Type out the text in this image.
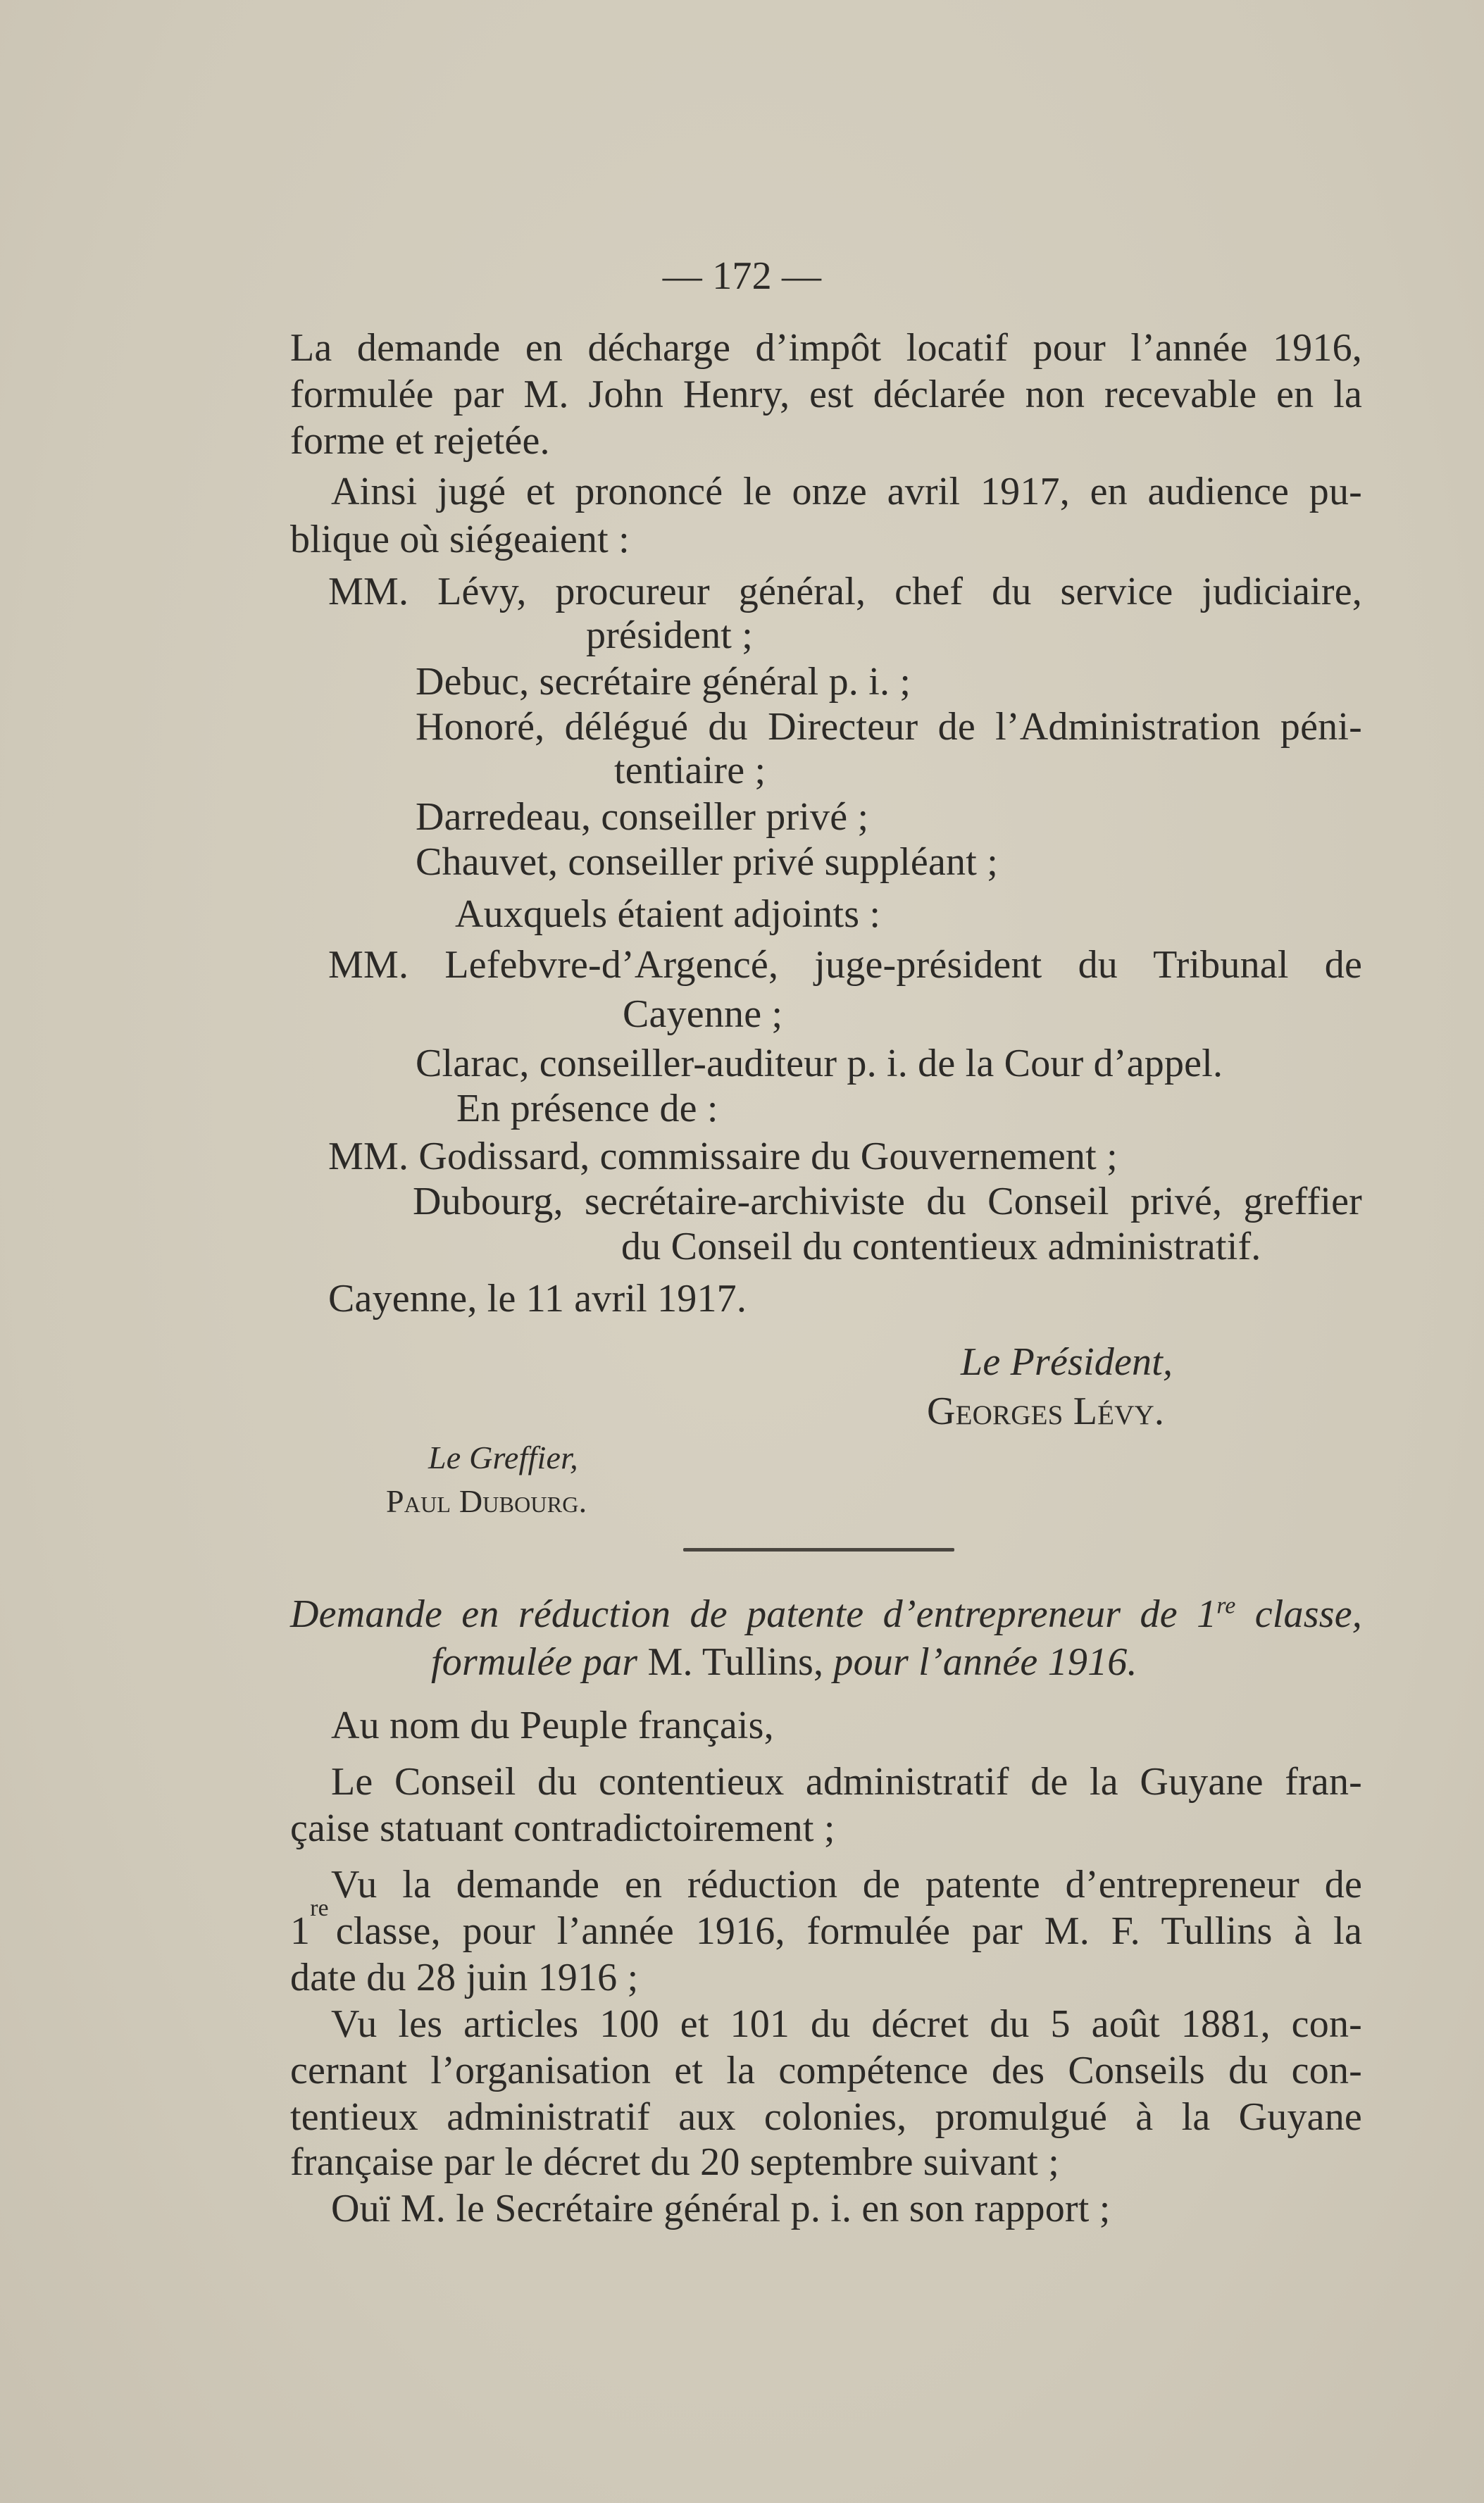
— 172 —
La demande en décharge d’impôt locatif pour l’année 1916,
formulée par M. John Henry, est déclarée non recevable en la
forme et rejetée.
Ainsi jugé et prononcé le onze avril 1917, en audience pu-
blique où siégeaient :
MM. Lévy, procureur général, chef du service judiciaire,
président ;
Debuc, secrétaire général p. i. ;
Honoré, délégué du Directeur de l’Administration péni-
tentiaire ;
Darredeau, conseiller privé ;
Chauvet, conseiller privé suppléant ;
Auxquels étaient adjoints :
MM. Lefebvre-d’Argencé, juge-président du Tribunal de
Cayenne ;
Clarac, conseiller-auditeur p. i. de la Cour d’appel.
En présence de :
MM. Godissard, commissaire du Gouvernement ;
Dubourg, secrétaire-archiviste du Conseil privé, greffier
du Conseil du contentieux administratif.
Cayenne, le 11 avril 1917.
Le Président,
Georges Lévy.
Le Greffier,
Paul Dubourg.
Demande en réduction de patente d’entrepreneur de 1re classe,
formulée par M. Tullins, pour l’année 1916.
Au nom du Peuple français,
Le Conseil du contentieux administratif de la Guyane fran-
çaise statuant contradictoirement ;
Vu la demande en réduction de patente d’entrepreneur de
1
re
classe, pour l’année 1916, formulée par M. F. Tullins à la
date du 28 juin 1916 ;
Vu les articles 100 et 101 du décret du 5 août 1881, con-
cernant l’organisation et la compétence des Conseils du con-
tentieux administratif aux colonies, promulgué à la Guyane
française par le décret du 20 septembre suivant ;
Ouï M. le Secrétaire général p. i. en son rapport ;
